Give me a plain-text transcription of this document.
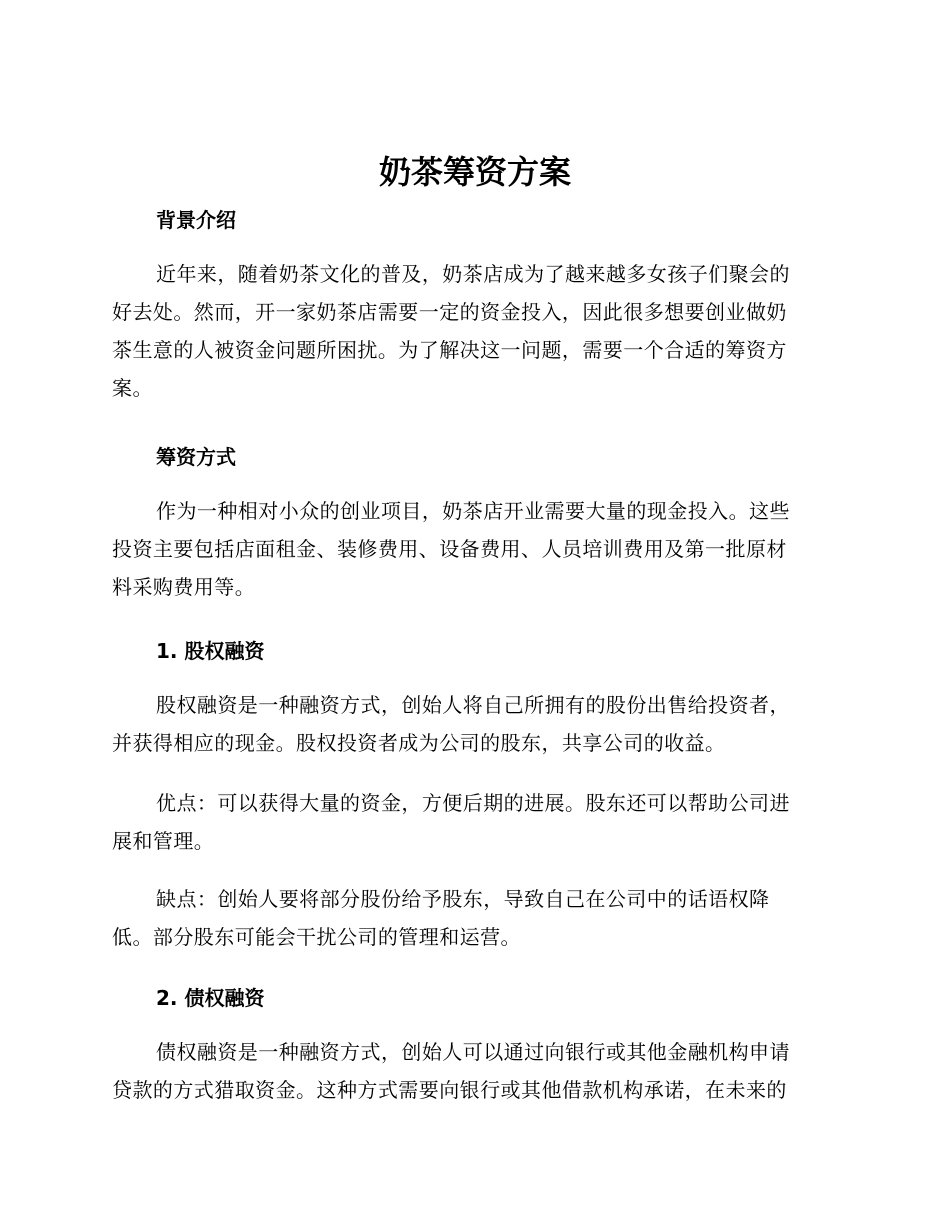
奶茶筹资方案
背景介绍

近年来，随着奶茶文化的普及，奶茶店成为了越来越多女孩子们聚会的
好去处。然而，开一家奶茶店需要一定的资金投入，因此很多想要创业做奶
茶生意的人被资金问题所困扰。为了解决这一问题，需要一个合适的筹资方
案。

筹资方式

作为一种相对小众的创业项目，奶茶店开业需要大量的现金投入。这些
投资主要包括店面租金、装修费用、设备费用、人员培训费用及第一批原材
料采购费用等。

1. 股权融资

股权融资是一种融资方式，创始人将自己所拥有的股份出售给投资者，
并获得相应的现金。股权投资者成为公司的股东，共享公司的收益。

优点：可以获得大量的资金，方便后期的进展。股东还可以帮助公司进
展和管理。

缺点：创始人要将部分股份给予股东，导致自己在公司中的话语权降
低。部分股东可能会干扰公司的管理和运营。

2. 债权融资

债权融资是一种融资方式，创始人可以通过向银行或其他金融机构申请
贷款的方式猎取资金。这种方式需要向银行或其他借款机构承诺，在未来的
